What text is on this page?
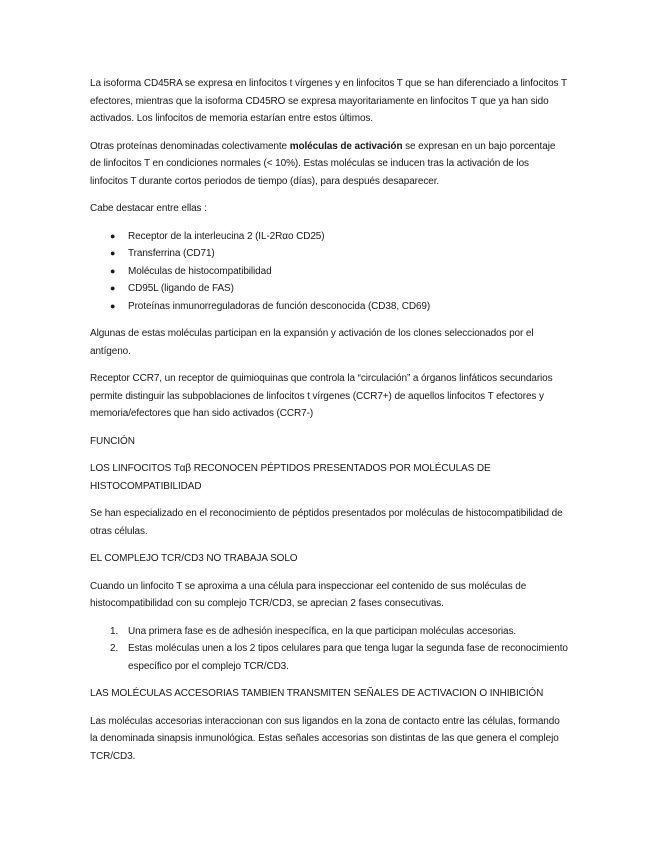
La isoforma CD45RA se expresa en linfocitos t vírgenes y en linfocitos T que se han diferenciado a linfocitos T efectores, mientras que la isoforma CD45RO se expresa mayoritariamente en linfocitos T que ya han sido activados. Los linfocitos de memoria estarían entre estos últimos.

Otras proteínas denominadas colectivamente moléculas de activación se expresan en un bajo porcentaje de linfocitos T en condiciones normales (< 10%). Estas moléculas se inducen tras la activación de los linfocitos T durante cortos periodos de tiempo (días), para después desaparecer.

Cabe destacar entre ellas :

● Receptor de la interleucina 2 (IL-2Rαo CD25)
● Transferrina (CD71)
● Moléculas de histocompatibilidad
● CD95L (ligando de FAS)
● Proteínas inmunorreguladoras de función desconocida (CD38, CD69)

Algunas de estas moléculas participan en la expansión y activación de los clones seleccionados por el antígeno.

Receptor CCR7, un receptor de quimioquinas que controla la “circulación” a órganos linfáticos secundarios permite distinguir las subpoblaciones de linfocitos t vírgenes (CCR7+) de aquellos linfocitos T efectores y memoria/efectores que han sido activados (CCR7-)

FUNCIÓN

LOS LINFOCITOS Tαβ RECONOCEN PÉPTIDOS PRESENTADOS POR MOLÉCULAS DE HISTOCOMPATIBILIDAD

Se han especializado en el reconocimiento de péptidos presentados por moléculas de histocompatibilidad de otras células.

EL COMPLEJO TCR/CD3 NO TRABAJA SOLO

Cuando un linfocito T se aproxima a una célula para inspeccionar eel contenido de sus moléculas de histocompatibilidad con su complejo TCR/CD3, se aprecian 2 fases consecutivas.

1. Una primera fase es de adhesión inespecífica, en la que participan moléculas accesorias.
2. Estas moléculas unen a los 2 tipos celulares para que tenga lugar la segunda fase de reconocimiento específico por el complejo TCR/CD3.

LAS MOLÉCULAS ACCESORIAS TAMBIEN TRANSMITEN SEÑALES DE ACTIVACION O INHIBICIÓN

Las moléculas accesorias interaccionan con sus ligandos en la zona de contacto entre las células, formando la denominada sinapsis inmunológica. Estas señales accesorias son distintas de las que genera el complejo TCR/CD3.
